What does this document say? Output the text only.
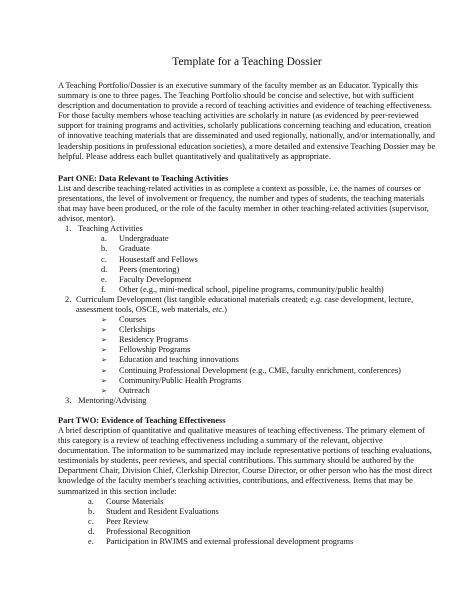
Template for a Teaching Dossier

A Teaching Portfolio/Dossier is an executive summary of the faculty member as an Educator. Typically this summary is one to three pages. The Teaching Portfolio should be concise and selective, but with sufficient description and documentation to provide a record of teaching activities and evidence of teaching effectiveness. For those faculty members whose teaching activities are scholarly in nature (as evidenced by peer-reviewed support for training programs and activities, scholarly publications concerning teaching and education, creation of innovative teaching materials that are disseminated and used regionally, nationally, and/or internationally, and leadership positions in professional education societies), a more detailed and extensive Teaching Dossier may be helpful. Please address each bullet quantitatively and qualitatively as appropriate.

Part ONE: Data Relevant to Teaching Activities

List and describe teaching-related activities in as complete a context as possible, i.e. the names of courses or presentations, the level of involvement or frequency, the number and types of students, the teaching materials that may have been produced, or the role of the faculty member in other teaching-related activities (supervisor, advisor, mentor).

1. Teaching Activities
a. Undergraduate
b. Graduate
c. Housestaff and Fellows
d. Peers (mentoring)
e. Faculty Development
f. Other (e.g., mini-medical school, pipeline programs, community/public health)
2. Curriculum Development (list tangible educational materials created; e.g. case development, lecture, assessment tools, OSCE, web materials, etc.)
➢ Courses
➢ Clerkships
➢ Residency Programs
➢ Fellowship Programs
➢ Education and teaching innovations
➢ Continuing Professional Development (e.g., CME, faculty enrichment, conferences)
➢ Community/Public Health Programs
➢ Outreach
3. Mentoring/Advising

Part TWO: Evidence of Teaching Effectiveness

A brief description of quantitative and qualitative measures of teaching effectiveness. The primary element of this category is a review of teaching effectiveness including a summary of the relevant, objective documentation. The information to be summarized may include representative portions of teaching evaluations, testimonials by students, peer reviews, and special contributions. This summary should be authored by the Department Chair, Division Chief, Clerkship Director, Course Director, or other person who has the most direct knowledge of the faculty member's teaching activities, contributions, and effectiveness. Items that may be summarized in this section include:

a. Course Materials
b. Student and Resident Evaluations
c. Peer Review
d. Professional Recognition
e. Participation in RWJMS and external professional development programs
